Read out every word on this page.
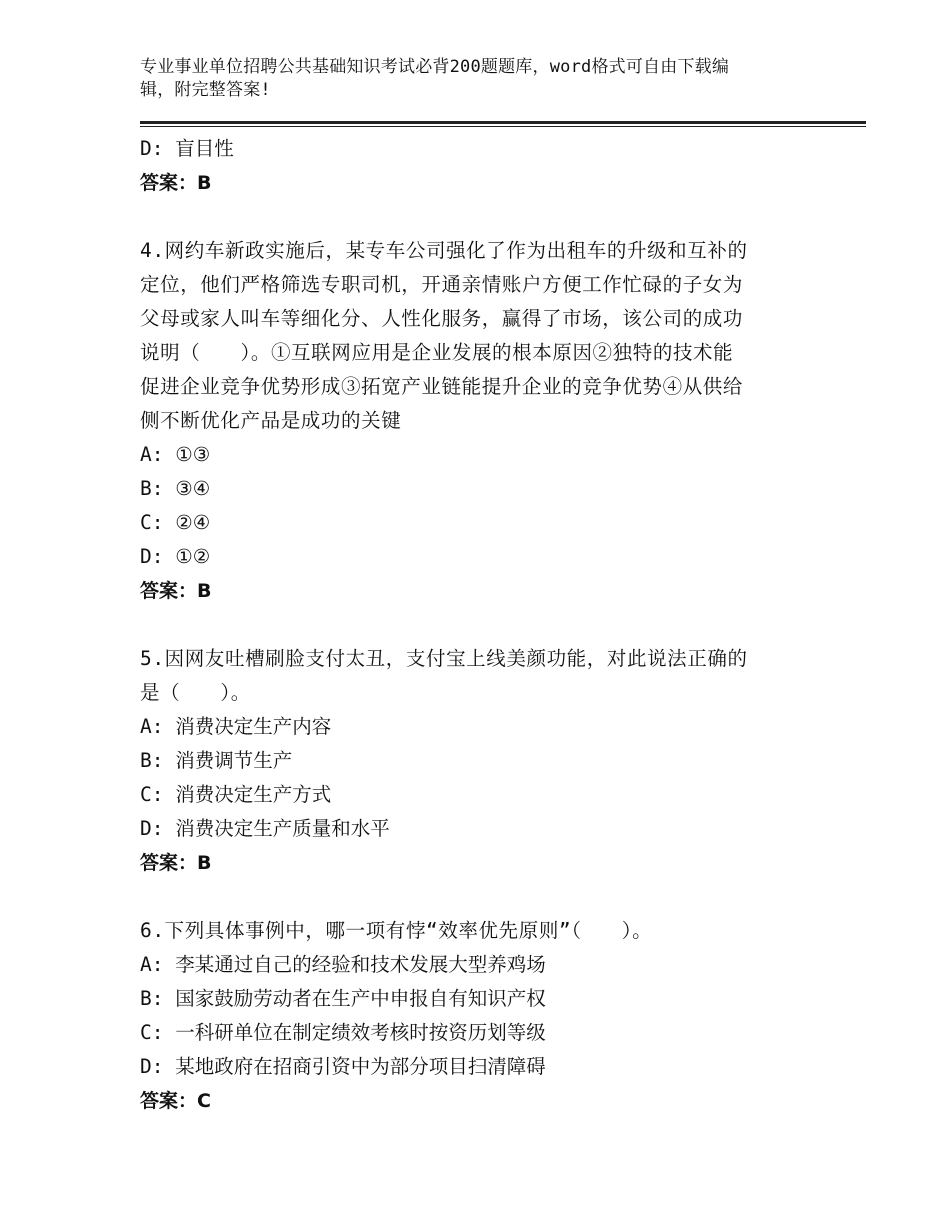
专业事业单位招聘公共基础知识考试必背200题题库，word格式可自由下载编
辑，附完整答案!
D: 盲目性
答案：B
4.网约车新政实施后，某专车公司强化了作为出租车的升级和互补的
定位，他们严格筛选专职司机，开通亲情账户方便工作忙碌的子女为
父母或家人叫车等细化分、人性化服务，赢得了市场，该公司的成功
说明（　　）。①互联网应用是企业发展的根本原因②独特的技术能
促进企业竞争优势形成③拓宽产业链能提升企业的竞争优势④从供给
侧不断优化产品是成功的关键
A: ①③
B: ③④
C: ②④
D: ①②
答案：B
5.因网友吐槽刷脸支付太丑，支付宝上线美颜功能，对此说法正确的
是（　　）。
A: 消费决定生产内容
B: 消费调节生产
C: 消费决定生产方式
D: 消费决定生产质量和水平
答案：B
6.下列具体事例中，哪一项有悖“效率优先原则”（　　）。
A: 李某通过自己的经验和技术发展大型养鸡场
B: 国家鼓励劳动者在生产中申报自有知识产权
C: 一科研单位在制定绩效考核时按资历划等级
D: 某地政府在招商引资中为部分项目扫清障碍
答案：C
